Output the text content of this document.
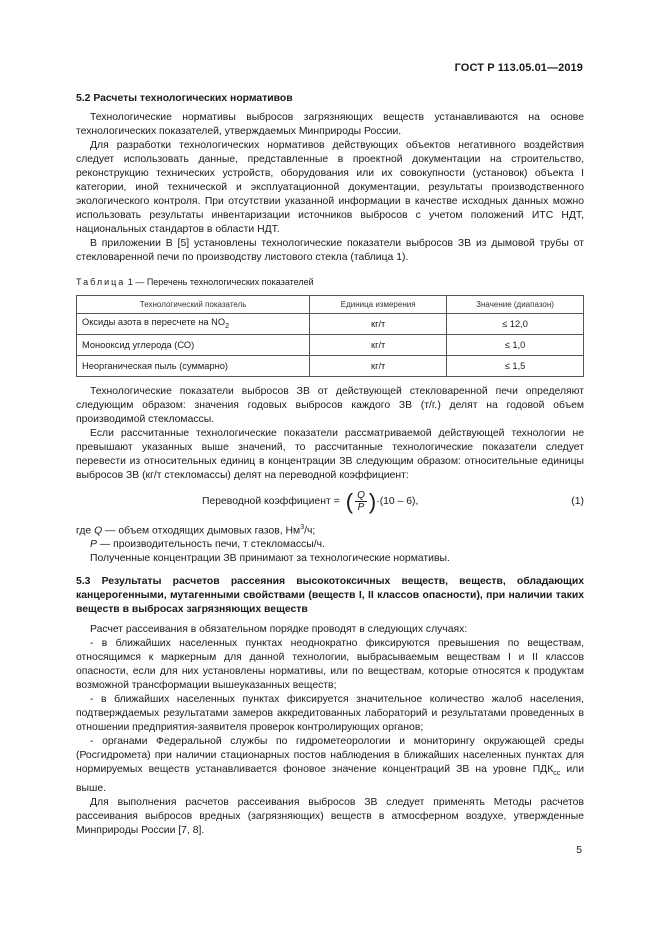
ГОСТ Р 113.05.01—2019
5.2 Расчеты технологических нормативов

Технологические нормативы выбросов загрязняющих веществ устанавливаются на основе технологических показателей, утверждаемых Минприроды России.

Для разработки технологических нормативов действующих объектов негативного воздействия следует использовать данные, представленные в проектной документации на строительство, реконструкцию технических устройств, оборудования или их совокупности (установок) объекта I категории, иной технической и эксплуатационной документации, результаты производственного экологического контроля. При отсутствии указанной информации в качестве исходных данных можно использовать результаты инвентаризации источников выбросов с учетом положений ИТС НДТ, национальных стандартов в области НДТ.

В приложении В [5] установлены технологические показатели выбросов ЗВ из дымовой трубы от стекловаренной печи по производству листового стекла (таблица 1).

Таблица 1 — Перечень технологических показателей
Технологический показатель	Единица измерения	Значение (диапазон)
Оксиды азота в пересчете на $NO_2$	кг/т	≤ 12,0
Монооксид углерода (СО)	кг/т	≤ 1,0
Неорганическая пыль (суммарно)	кг/т	≤ 1,5

Технологические показатели выбросов ЗВ от действующей стекловаренной печи определяют следующим образом: значения годовых выбросов каждого ЗВ (т/г.) делят на годовой объем производимой стекломассы.

Если рассчитанные технологические показатели рассматриваемой действующей технологии не превышают указанных выше значений, то рассчитанные технологические показатели следует перевести из относительных единиц в концентрации ЗВ следующим образом: относительные единицы выбросов ЗВ (кг/т стекломассы) делят на переводной коэффициент:

Переводной коэффициент = ( $\frac{Q}{P}$ ) ·(10 – 6),	(1)
где Q — объем отходящих дымовых газов, $Нм^3/ч$;
P — производительность печи, т стекломассы/ч.

Полученные концентрации ЗВ принимают за технологические нормативы.

5.3 Результаты расчетов рассеяния высокотоксичных веществ, веществ, обладающих канцерогенными, мутагенными свойствами (веществ I, II классов опасности), при наличии таких веществ в выбросах загрязняющих веществ

Расчет рассеивания в обязательном порядке проводят в следующих случаях:

- в ближайших населенных пунктах неоднократно фиксируются превышения по веществам, относящимся к маркерным для данной технологии, выбрасываемым веществам I и II классов опасности, если для них установлены нормативы, или по веществам, которые относятся к продуктам возможной трансформации вышеуказанных веществ;

- в ближайших населенных пунктах фиксируется значительное количество жалоб населения, подтверждаемых результатами замеров аккредитованных лабораторий и результатами проведенных в отношении предприятия-заявителя проверок контролирующих органов;

- органами Федеральной службы по гидрометеорологии и мониторингу окружающей среды (Росгидромета) при наличии стационарных постов наблюдения в ближайших населенных пунктах для нормируемых веществ устанавливается фоновое значение концентраций ЗВ на уровне $ПДК_{сс}$ или выше.

Для выполнения расчетов рассеивания выбросов ЗВ следует применять Методы расчетов рассеивания выбросов вредных (загрязняющих) веществ в атмосферном воздухе, утвержденные Минприроды России [7, 8].

5
